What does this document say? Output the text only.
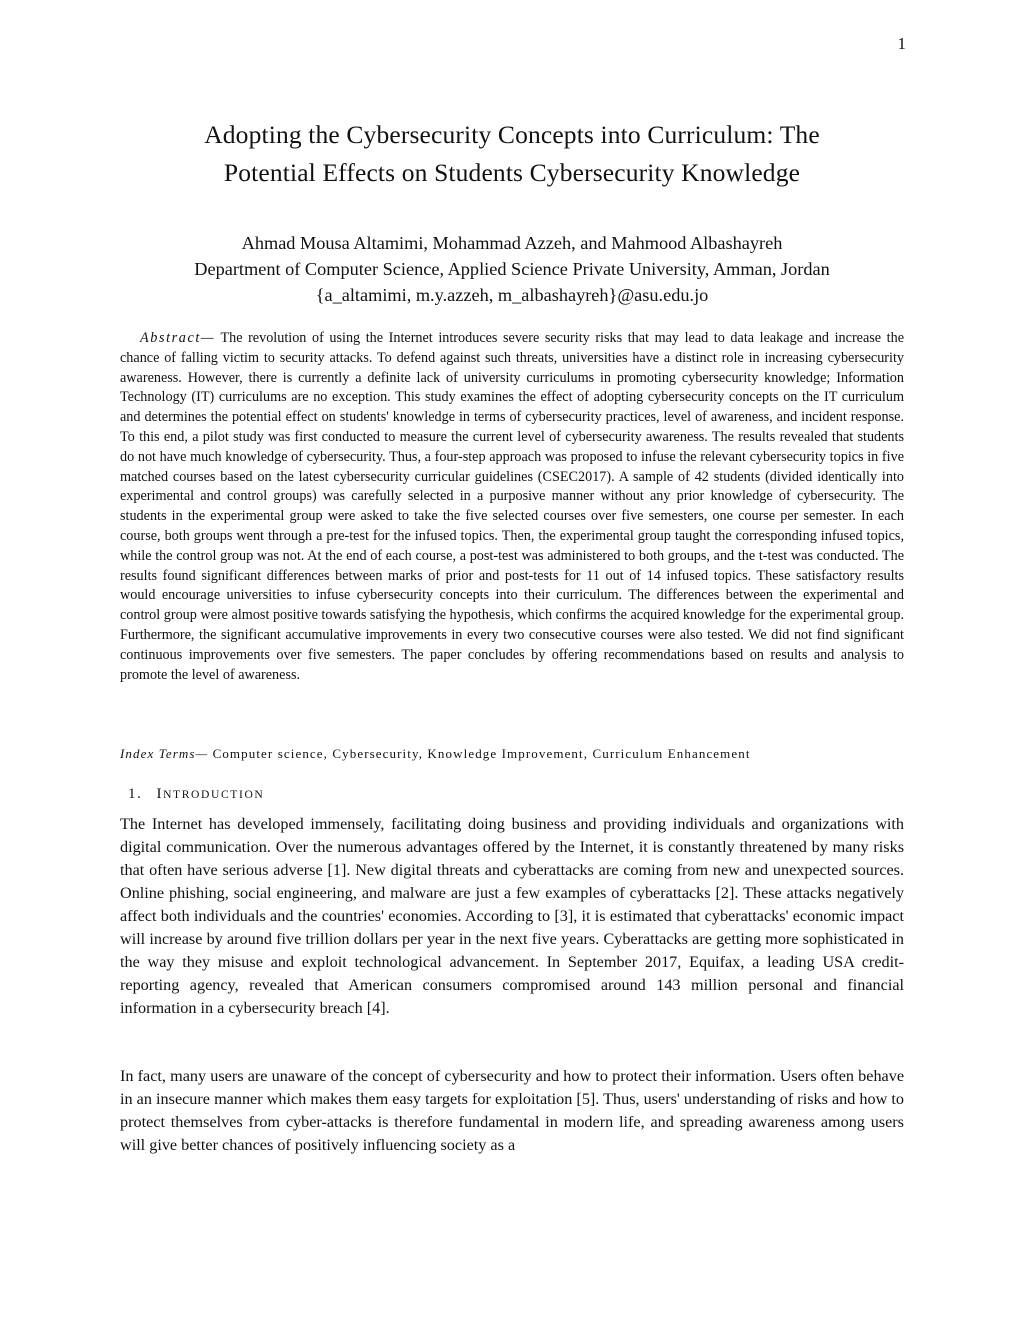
1
Adopting the Cybersecurity Concepts into Curriculum: The
Potential Effects on Students Cybersecurity Knowledge
Ahmad Mousa Altamimi, Mohammad Azzeh, and Mahmood Albashayreh
Department of Computer Science, Applied Science Private University, Amman, Jordan
{a_altamimi, m.y.azzeh, m_albashayreh}@asu.edu.jo

Abstract— The revolution of using the Internet introduces severe security risks that may lead to data leakage and increase the chance of falling victim to security attacks. To defend against such threats, universities have a distinct role in increasing cybersecurity awareness. However, there is currently a definite lack of university curriculums in promoting cybersecurity knowledge; Information Technology (IT) curriculums are no exception. This study examines the effect of adopting cybersecurity concepts on the IT curriculum and determines the potential effect on students' knowledge in terms of cybersecurity practices, level of awareness, and incident response. To this end, a pilot study was first conducted to measure the current level of cybersecurity awareness. The results revealed that students do not have much knowledge of cybersecurity. Thus, a four-step approach was proposed to infuse the relevant cybersecurity topics in five matched courses based on the latest cybersecurity curricular guidelines (CSEC2017). A sample of 42 students (divided identically into experimental and control groups) was carefully selected in a purposive manner without any prior knowledge of cybersecurity. The students in the experimental group were asked to take the five selected courses over five semesters, one course per semester. In each course, both groups went through a pre-test for the infused topics. Then, the experimental group taught the corresponding infused topics, while the control group was not. At the end of each course, a post-test was administered to both groups, and the t-test was conducted. The results found significant differences between marks of prior and post-tests for 11 out of 14 infused topics. These satisfactory results would encourage universities to infuse cybersecurity concepts into their curriculum. The differences between the experimental and control group were almost positive towards satisfying the hypothesis, which confirms the acquired knowledge for the experimental group. Furthermore, the significant accumulative improvements in every two consecutive courses were also tested. We did not find significant continuous improvements over five semesters. The paper concludes by offering recommendations based on results and analysis to promote the level of awareness.

Index Terms— Computer science, Cybersecurity, Knowledge Improvement, Curriculum Enhancement
1. INTRODUCTION

The Internet has developed immensely, facilitating doing business and providing individuals and organizations with digital communication. Over the numerous advantages offered by the Internet, it is constantly threatened by many risks that often have serious adverse [1]. New digital threats and cyberattacks are coming from new and unexpected sources. Online phishing, social engineering, and malware are just a few examples of cyberattacks [2]. These attacks negatively affect both individuals and the countries' economies. According to [3], it is estimated that cyberattacks' economic impact will increase by around five trillion dollars per year in the next five years. Cyberattacks are getting more sophisticated in the way they misuse and exploit technological advancement. In September 2017, Equifax, a leading USA credit-reporting agency, revealed that American consumers compromised around 143 million personal and financial information in a cybersecurity breach [4].

In fact, many users are unaware of the concept of cybersecurity and how to protect their information. Users often behave in an insecure manner which makes them easy targets for exploitation [5]. Thus, users' understanding of risks and how to protect themselves from cyber-attacks is therefore fundamental in modern life, and spreading awareness among users will give better chances of positively influencing society as a
